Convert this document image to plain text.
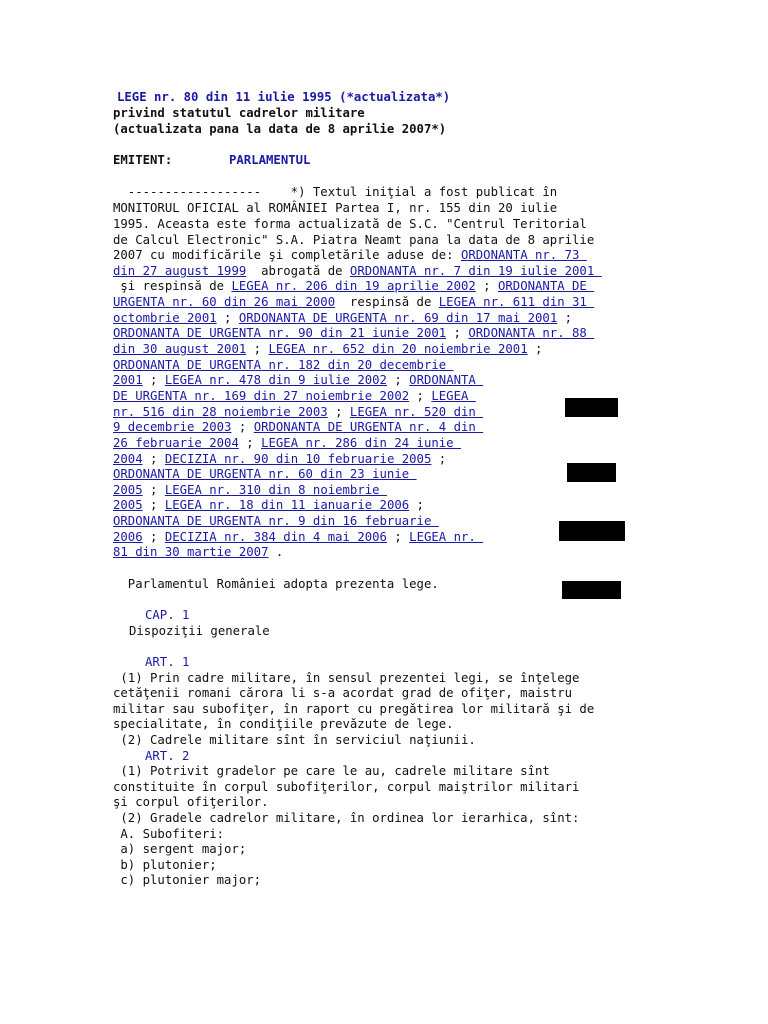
LEGE nr. 80 din 11 iulie 1995 (*actualizata*)
privind statutul cadrelor militare
(actualizata pana la data de 8 aprilie 2007*)
EMITENT:	PARLAMENTUL
------------------    *) Textul iniţial a fost publicat în
MONITORUL OFICIAL al ROMÂNIEI Partea I, nr. 155 din 20 iulie
1995. Aceasta este forma actualizată de S.C. "Centrul Teritorial
de Calcul Electronic" S.A. Piatra Neamt pana la data de 8 aprilie
2007 cu modificările şi completările aduse de: ORDONANTA nr. 73
din 27 august 1999  abrogată de ORDONANTA nr. 7 din 19 iulie 2001
şi respinsă de LEGEA nr. 206 din 19 aprilie 2002 ; ORDONANTA DE
URGENTA nr. 60 din 26 mai 2000  respinsă de LEGEA nr. 611 din 31
octombrie 2001 ; ORDONANTA DE URGENTA nr. 69 din 17 mai 2001 ;
ORDONANTA DE URGENTA nr. 90 din 21 iunie 2001 ; ORDONANTA nr. 88
din 30 august 2001 ; LEGEA nr. 652 din 20 noiembrie 2001 ;
ORDONANTA DE URGENTA nr. 182 din 20 decembrie
2001 ; LEGEA nr. 478 din 9 iulie 2002 ; ORDONANTA
DE URGENTA nr. 169 din 27 noiembrie 2002 ; LEGEA
nr. 516 din 28 noiembrie 2003 ; LEGEA nr. 520 din
9 decembrie 2003 ; ORDONANTA DE URGENTA nr. 4 din
26 februarie 2004 ; LEGEA nr. 286 din 24 iunie
2004 ; DECIZIA nr. 90 din 10 februarie 2005 ;
ORDONANTA DE URGENTA nr. 60 din 23 iunie
2005 ; LEGEA nr. 310 din 8 noiembrie
2005 ; LEGEA nr. 18 din 11 ianuarie 2006 ;
ORDONANTA DE URGENTA nr. 9 din 16 februarie
2006 ; DECIZIA nr. 384 din 4 mai 2006 ; LEGEA nr.
81 din 30 martie 2007 .
Parlamentul României adopta prezenta lege.
CAP. 1
Dispoziţii generale
ART. 1
(1) Prin cadre militare, în sensul prezentei legi, se înţelege
cetăţenii romani cărora li s-a acordat grad de ofiţer, maistru
militar sau subofiţer, în raport cu pregătirea lor militară şi de
specialitate, în condiţiile prevăzute de lege.
(2) Cadrele militare sînt în serviciul naţiunii.
ART. 2
(1) Potrivit gradelor pe care le au, cadrele militare sînt
constituite în corpul subofiţerilor, corpul maiştrilor militari
şi corpul ofiţerilor.
(2) Gradele cadrelor militare, în ordinea lor ierarhica, sînt:
A. Subofiteri:
a) sergent major;
b) plutonier;
c) plutonier major;
